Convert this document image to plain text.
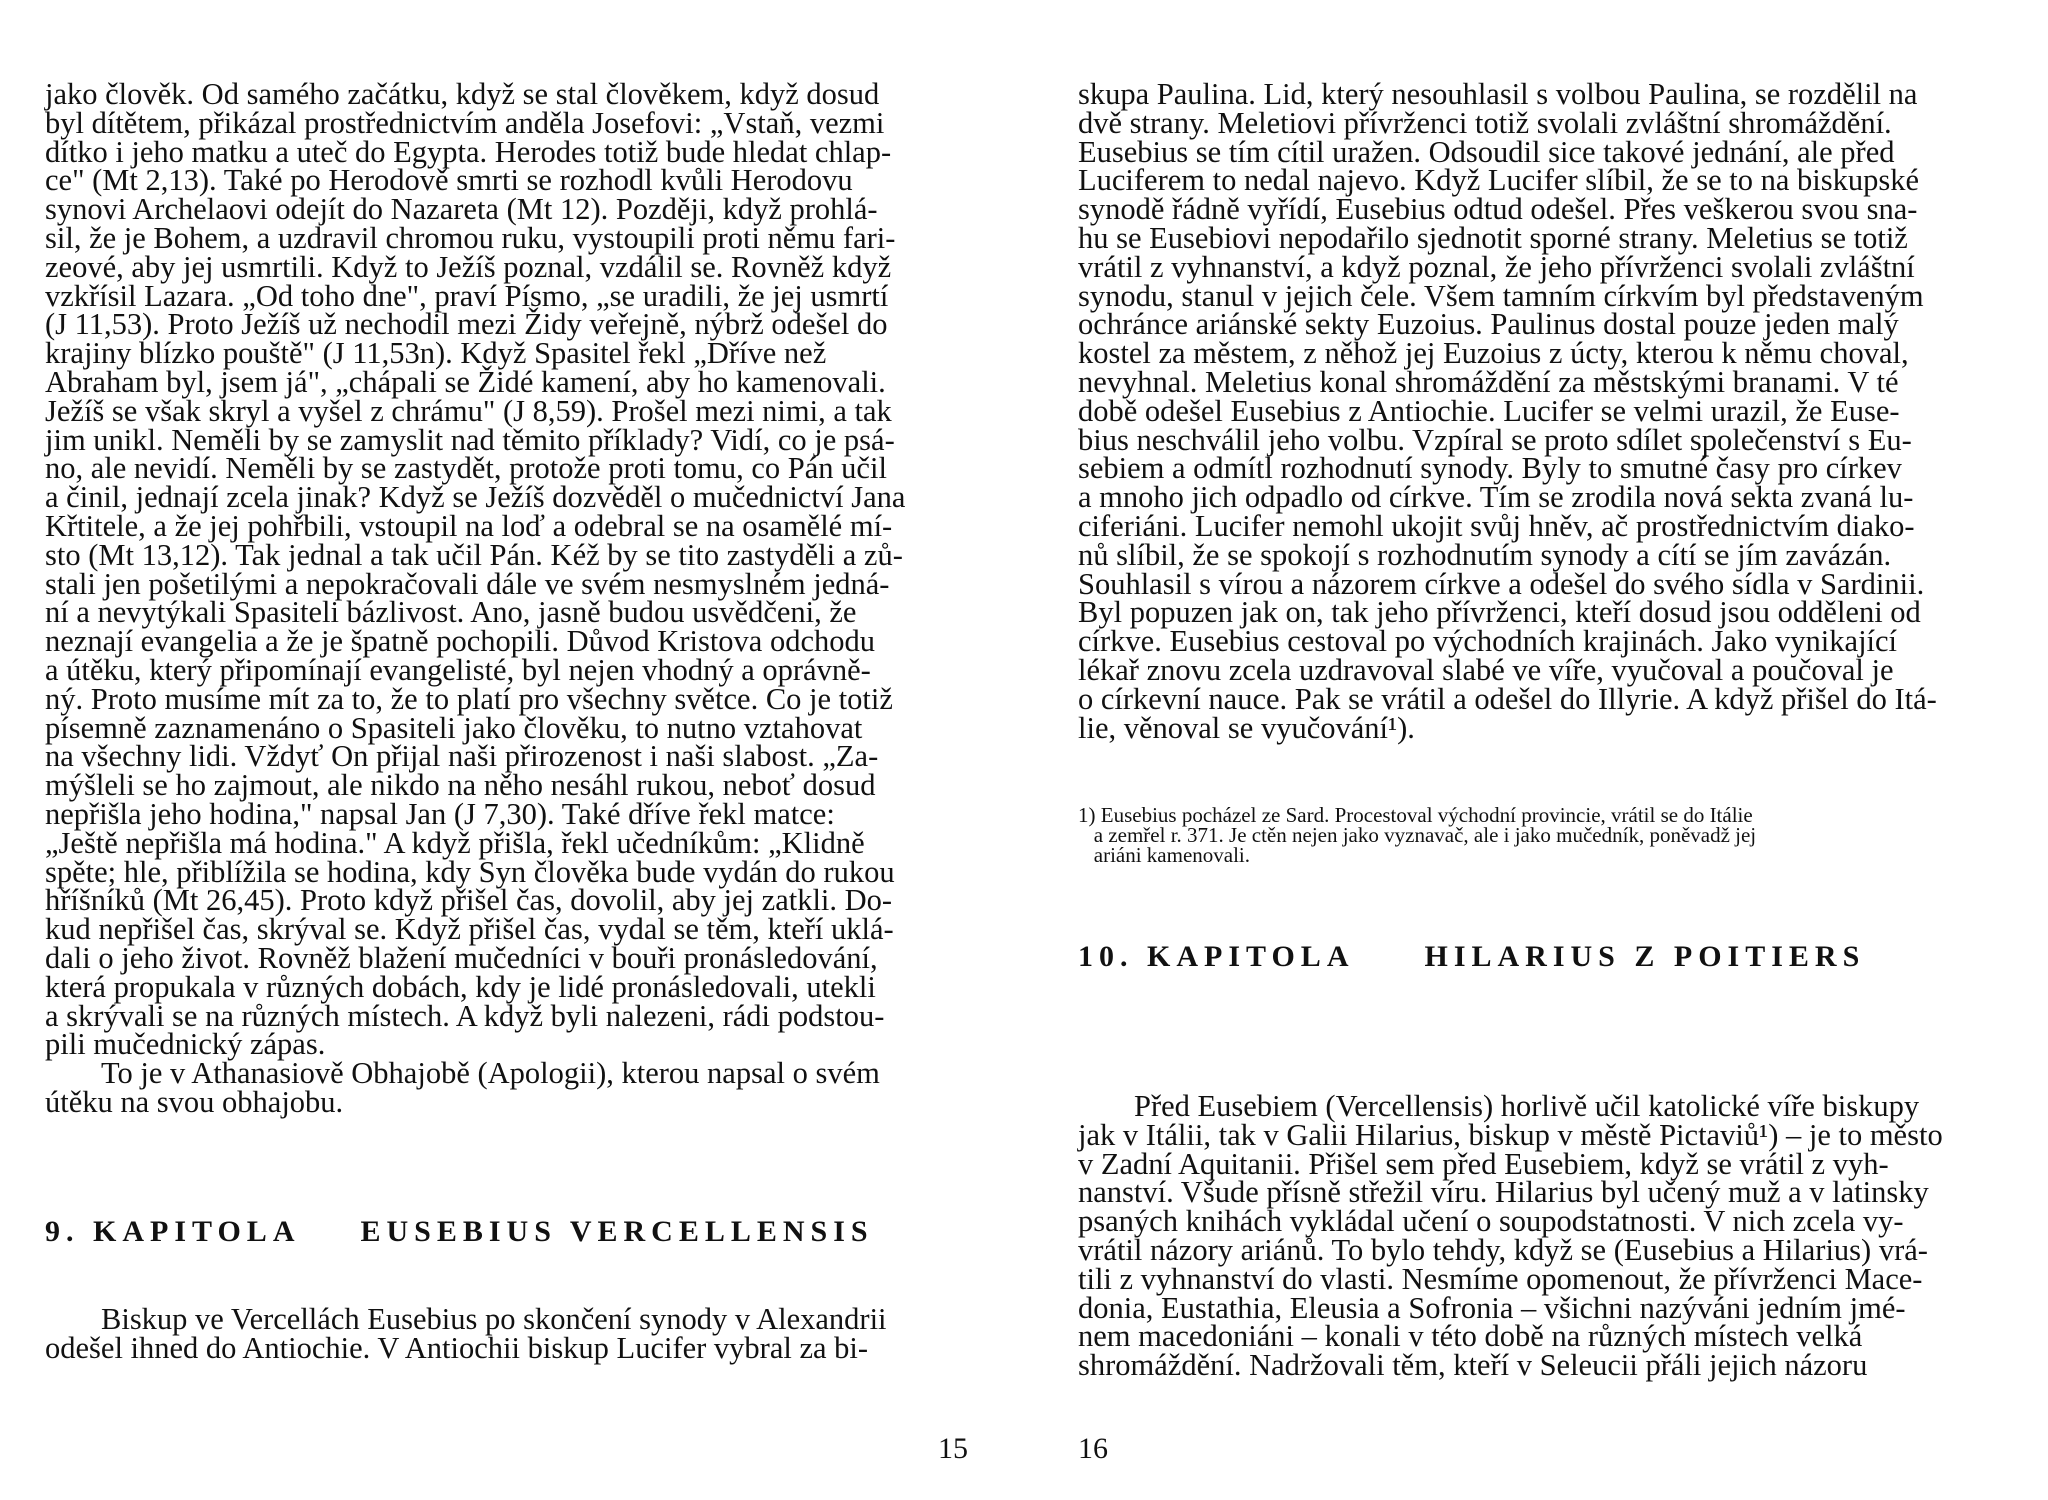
jako člověk. Od samého začátku, když se stal člověkem, když dosud
byl dítětem, přikázal prostřednictvím anděla Josefovi: „Vstaň, vezmi
dítko i jeho matku a uteč do Egypta. Herodes totiž bude hledat chlap-
ce" (Mt 2,13). Také po Herodově smrti se rozhodl kvůli Herodovu
synovi Archelaovi odejít do Nazareta (Mt 12). Později, když prohlá-
sil, že je Bohem, a uzdravil chromou ruku, vystoupili proti němu fari-
zeové, aby jej usmrtili. Když to Ježíš poznal, vzdálil se. Rovněž když
vzkřísil Lazara. „Od toho dne", praví Písmo, „se uradili, že jej usmrtí
(J 11,53). Proto Ježíš už nechodil mezi Židy veřejně, nýbrž odešel do
krajiny blízko pouště" (J 11,53n). Když Spasitel řekl „Dříve než
Abraham byl, jsem já", „chápali se Židé kamení, aby ho kamenovali.
Ježíš se však skryl a vyšel z chrámu" (J 8,59). Prošel mezi nimi, a tak
jim unikl. Neměli by se zamyslit nad těmito příklady? Vidí, co je psá-
no, ale nevidí. Neměli by se zastydět, protože proti tomu, co Pán učil
a činil, jednají zcela jinak? Když se Ježíš dozvěděl o mučednictví Jana
Křtitele, a že jej pohřbili, vstoupil na loď a odebral se na osamělé mí-
sto (Mt 13,12). Tak jednal a tak učil Pán. Kéž by se tito zastyděli a zů-
stali jen pošetilými a nepokračovali dále ve svém nesmyslném jedná-
ní a nevytýkali Spasiteli bázlivost. Ano, jasně budou usvědčeni, že
neznají evangelia a že je špatně pochopili. Důvod Kristova odchodu
a útěku, který připomínají evangelisté, byl nejen vhodný a oprávně-
ný. Proto musíme mít za to, že to platí pro všechny světce. Co je totiž
písemně zaznamenáno o Spasiteli jako člověku, to nutno vztahovat
na všechny lidi. Vždyť On přijal naši přirozenost i naši slabost. „Za-
mýšleli se ho zajmout, ale nikdo na něho nesáhl rukou, neboť dosud
nepřišla jeho hodina," napsal Jan (J 7,30). Také dříve řekl matce:
„Ještě nepřišla má hodina." A když přišla, řekl učedníkům: „Klidně
spěte; hle, přiblížila se hodina, kdy Syn člověka bude vydán do rukou
hříšníků (Mt 26,45). Proto když přišel čas, dovolil, aby jej zatkli. Do-
kud nepřišel čas, skrýval se. Když přišel čas, vydal se těm, kteří uklá-
dali o jeho život. Rovněž blažení mučedníci v bouři pronásledování,
která propukala v různých dobách, kdy je lidé pronásledovali, utekli
a skrývali se na různých místech. A když byli nalezeni, rádi podstou-
pili mučednický zápas.
To je v Athanasiově Obhajobě (Apologii), kterou napsal o svém
útěku na svou obhajobu.
9. KAPITOLA EUSEBIUS VERCELLENSIS
Biskup ve Vercellách Eusebius po skončení synody v Alexandrii
odešel ihned do Antiochie. V Antiochii biskup Lucifer vybral za bi-
15
skupa Paulina. Lid, který nesouhlasil s volbou Paulina, se rozdělil na
dvě strany. Meletiovi přívrženci totiž svolali zvláštní shromáždění.
Eusebius se tím cítil uražen. Odsoudil sice takové jednání, ale před
Luciferem to nedal najevo. Když Lucifer slíbil, že se to na biskupské
synodě řádně vyřídí, Eusebius odtud odešel. Přes veškerou svou sna-
hu se Eusebiovi nepodařilo sjednotit sporné strany. Meletius se totiž
vrátil z vyhnanství, a když poznal, že jeho přívrženci svolali zvláštní
synodu, stanul v jejich čele. Všem tamním církvím byl představeným
ochránce ariánské sekty Euzoius. Paulinus dostal pouze jeden malý
kostel za městem, z něhož jej Euzoius z úcty, kterou k němu choval,
nevyhnal. Meletius konal shromáždění za městskými branami. V té
době odešel Eusebius z Antiochie. Lucifer se velmi urazil, že Euse-
bius neschválil jeho volbu. Vzpíral se proto sdílet společenství s Eu-
sebiem a odmítl rozhodnutí synody. Byly to smutné časy pro církev
a mnoho jich odpadlo od církve. Tím se zrodila nová sekta zvaná lu-
ciferiáni. Lucifer nemohl ukojit svůj hněv, ač prostřednictvím diako-
nů slíbil, že se spokojí s rozhodnutím synody a cítí se jím zavázán.
Souhlasil s vírou a názorem církve a odešel do svého sídla v Sardinii.
Byl popuzen jak on, tak jeho přívrženci, kteří dosud jsou odděleni od
církve. Eusebius cestoval po východních krajinách. Jako vynikající
lékař znovu zcela uzdravoval slabé ve víře, vyučoval a poučoval je
o církevní nauce. Pak se vrátil a odešel do Illyrie. A když přišel do Itá-
lie, věnoval se vyučování¹).
1) Eusebius pocházel ze Sard. Procestoval východní provincie, vrátil se do Itálie
a zemřel r. 371. Je ctěn nejen jako vyznavač, ale i jako mučedník, poněvadž jej
ariáni kamenovali.
10. KAPITOLA HILARIUS Z POITIERS
Před Eusebiem (Vercellensis) horlivě učil katolické víře biskupy
jak v Itálii, tak v Galii Hilarius, biskup v městě Pictaviů¹) – je to město
v Zadní Aquitanii. Přišel sem před Eusebiem, když se vrátil z vyh-
nanství. Všude přísně střežil víru. Hilarius byl učený muž a v latinsky
psaných knihách vykládal učení o soupodstatnosti. V nich zcela vy-
vrátil názory ariánů. To bylo tehdy, když se (Eusebius a Hilarius) vrá-
tili z vyhnanství do vlasti. Nesmíme opomenout, že přívrženci Mace-
donia, Eustathia, Eleusia a Sofronia – všichni nazýváni jedním jmé-
nem macedoniáni – konali v této době na různých místech velká
shromáždění. Nadržovali těm, kteří v Seleucii přáli jejich názoru
16
